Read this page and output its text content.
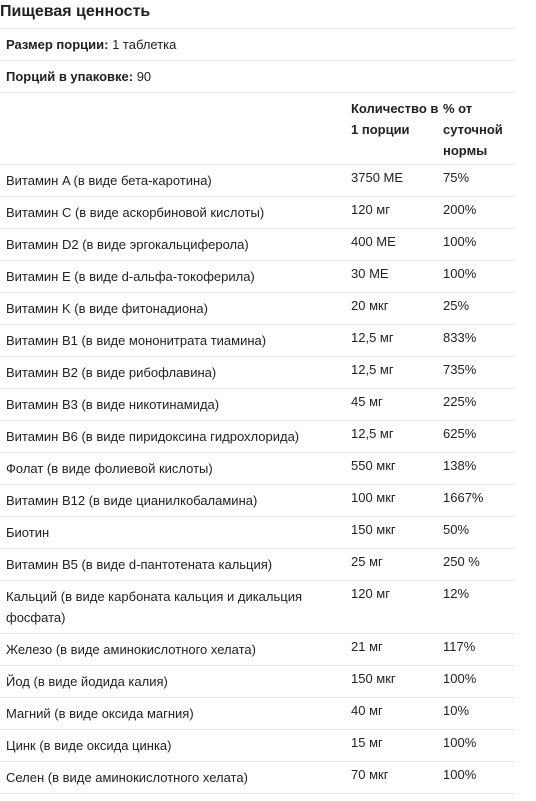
Пищевая ценность
Размер порции:
1 таблетка
Порций в упаковке:
90
Количество в 1 порции
% от суточной нормы
Витамин A (в виде бета-каротина)	3750 МЕ	75%
Витамин C (в виде аскорбиновой кислоты)	120 мг	200%
Витамин D2 (в виде эргокальциферола)	400 МЕ	100%
Витамин E (в виде d-альфа-токоферила)	30 МЕ	100%
Витамин K (в виде фитонадиона)	20 мкг	25%
Витамин B1 (в виде мононитрата тиамина)	12,5 мг	833%
Витамин B2 (в виде рибофлавина)	12,5 мг	735%
Витамин B3 (в виде никотинамида)	45 мг	225%
Витамин B6 (в виде пиридоксина гидрохлорида)	12,5 мг	625%
Фолат (в виде фолиевой кислоты)	550 мкг	138%
Витамин B12 (в виде цианилкобаламина)	100 мкг	1667%
Биотин	150 мкг	50%
Витамин B5 (в виде d-пантотената кальция)	25 мг	250 %
Кальций (в виде карбоната кальция и дикальция фосфата)
120 мг	12%
Железо (в виде аминокислотного хелата)	21 мг	117%
Йод (в виде йодида калия)	150 мкг	100%
Магний (в виде оксида магния)	40 мг	10%
Цинк (в виде оксида цинка)	15 мг	100%
Селен (в виде аминокислотного хелата)	70 мкг	100%
